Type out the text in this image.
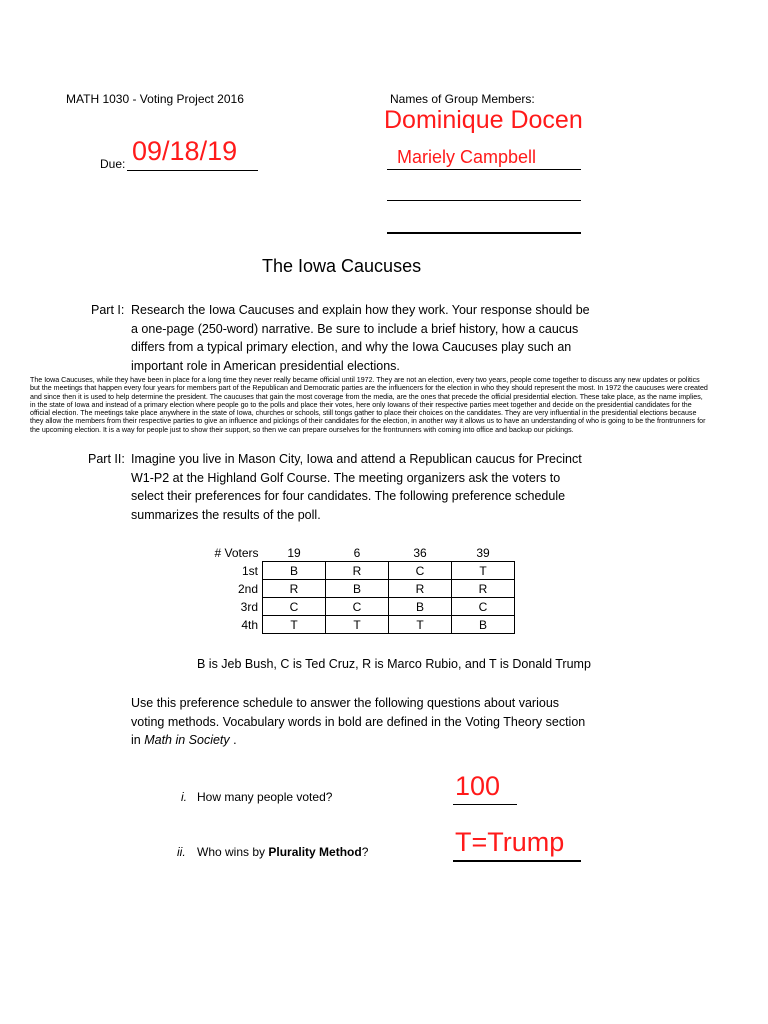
MATH 1030 - Voting Project 2016	Names of Group Members:
Dominique Docen
Mariely Campbell
Due: 09/18/19
The Iowa Caucuses
Part I: Research the Iowa Caucuses and explain how they work. Your response should be
a one-page (250-word) narrative. Be sure to include a brief history, how a caucus
differs from a typical primary election, and why the Iowa Caucuses play such an
important role in American presidential elections.
The Iowa Caucuses, while they have been in place for a long time they never really became official until 1972. They are not an election, every two years, people come together to discuss any new updates or politics
but the meetings that happen every four years for members part of the Republican and Democratic parties are the influencers for the election in who they should represent the most. In 1972 the caucuses were created
and since then it is used to help determine the president. The caucuses that gain the most coverage from the media, are the ones that precede the official presidential election. These take place, as the name implies,
in the state of Iowa and instead of a primary election where people go to the polls and place their votes, here only Iowans of their respective parties meet together and decide on the presidential candidates for the
official election. The meetings take place anywhere in the state of Iowa, churches or schools, still tongs gather to place their choices on the candidates. They are very influential in the presidential elections because
they allow the members from their respective parties to give an influence and pickings of their candidates for the election, in another way it allows us to have an understanding of who is going to be the frontrunners for
the upcoming election. It is a way for people just to show their support, so then we can prepare ourselves for the frontrunners with coming into office and backup our pickings.
Part II: Imagine you live in Mason City, Iowa and attend a Republican caucus for Precinct
W1-P2 at the Highland Golf Course. The meeting organizers ask the voters to
select their preferences for four candidates. The following preference schedule
summarizes the results of the poll.
# Voters	19	6	36	39
1st	B	R	C	T
2nd	R	B	R	R
3rd	C	C	B	C
4th	T	T	T	B
B is Jeb Bush, C is Ted Cruz, R is Marco Rubio, and T is Donald Trump
Use this preference schedule to answer the following questions about various
voting methods. Vocabulary words in bold are defined in the Voting Theory section
in Math in Society .
i. How many people voted?	100
ii. Who wins by Plurality Method?	T=Trump
